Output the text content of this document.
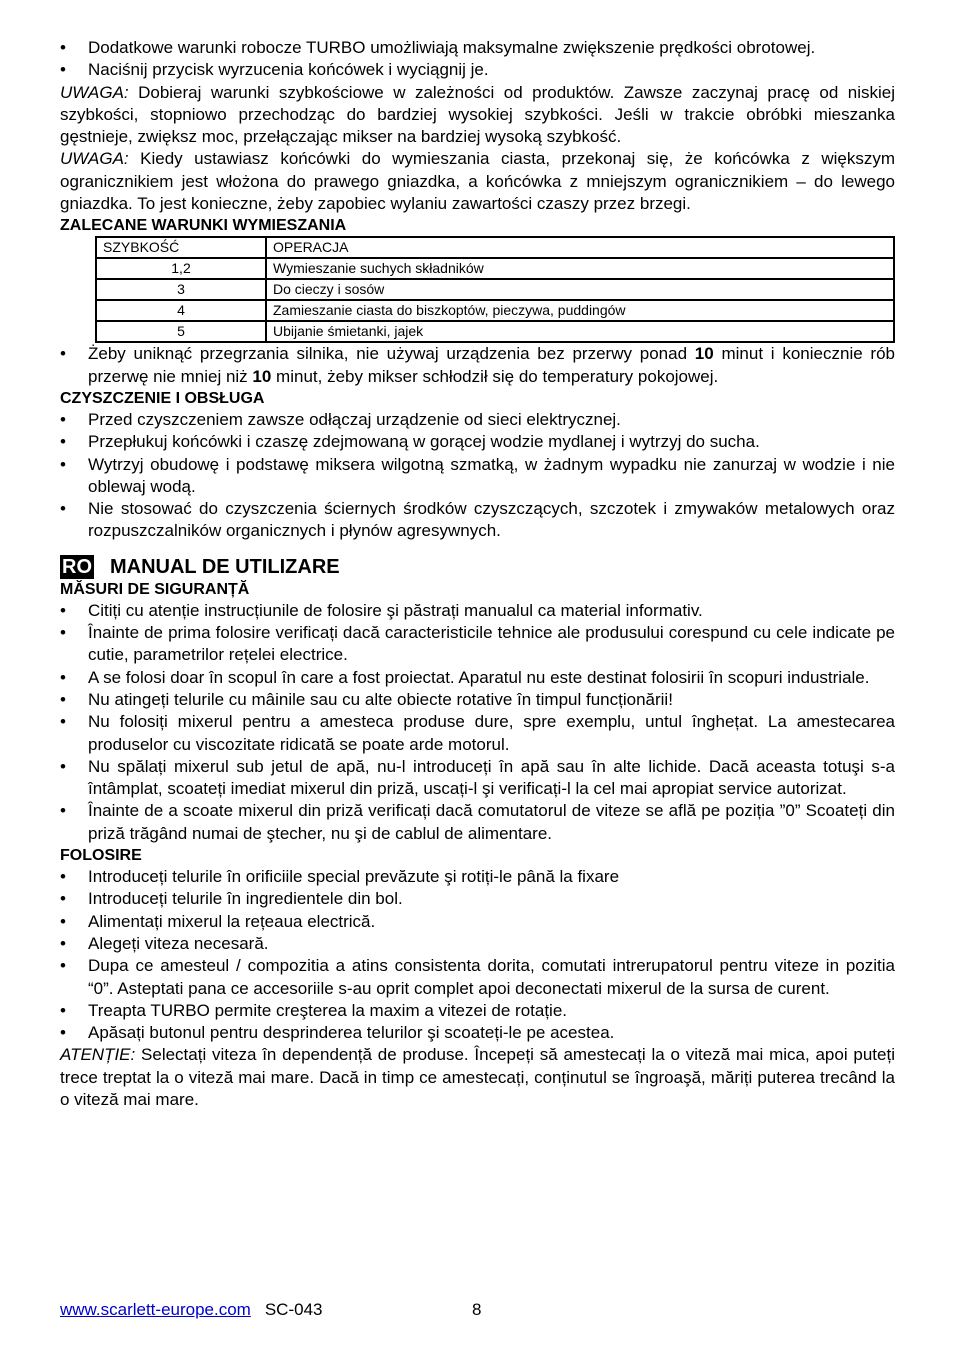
• Dodatkowe warunki robocze TURBO umożliwiają maksymalne zwiększenie prędkości obrotowej.
• Naciśnij przycisk wyrzucenia końcówek i wyciągnij je.

UWAGA: Dobieraj warunki szybkościowe w zależności od produktów. Zawsze zaczynaj pracę od niskiej szybkości, stopniowo przechodząc do bardziej wysokiej szybkości. Jeśli w trakcie obróbki mieszanka gęstnieje, zwiększ moc, przełączając mikser na bardziej wysoką szybkość.

UWAGA: Kiedy ustawiasz końcówki do wymieszania ciasta, przekonaj się, że końcówka z większym ogranicznikiem jest włożona do prawego gniazdka, a końcówka z mniejszym ogranicznikiem – do lewego gniazdka. To jest konieczne, żeby zapobiec wylaniu zawartości czaszy przez brzegi.

ZALECANE WARUNKI WYMIESZANIA
SZYBKOŚĆ	OPERACJA
1,2	Wymieszanie suchych składników
3	Do cieczy i sosów
4	Zamieszanie ciasta do biszkoptów, pieczywa, puddingów
5	Ubijanie śmietanki, jajek
• Żeby uniknąć przegrzania silnika, nie używaj urządzenia bez przerwy ponad 10 minut i koniecznie rób przerwę nie mniej niż 10 minut, żeby mikser schłodził się do temperatury pokojowej.
CZYSZCZENIE I OBSŁUGA
• Przed czyszczeniem zawsze odłączaj urządzenie od sieci elektrycznej.
• Przepłukuj końcówki i czaszę zdejmowaną w gorącej wodzie mydlanej i wytrzyj do sucha.
• Wytrzyj obudowę i podstawę miksera wilgotną szmatką, w żadnym wypadku nie zanurzaj w wodzie i nie oblewaj wodą.
• Nie stosować do czyszczenia ściernych środków czyszczących, szczotek i zmywaków metalowych oraz rozpuszczalników organicznych i płynów agresywnych.
RO MANUAL DE UTILIZARE
MĂSURI DE SIGURANȚĂ
• Citiți cu atenție instrucțiunile de folosire şi păstrați manualul ca material informativ.
• Înainte de prima folosire verificați dacă caracteristicile tehnice ale produsului corespund cu cele indicate pe cutie, parametrilor rețelei electrice.
• A se folosi doar în scopul în care a fost proiectat. Aparatul nu este destinat folosirii în scopuri industriale.
• Nu atingeți telurile cu mâinile sau cu alte obiecte rotative în timpul funcționării!
• Nu folosiți mixerul pentru a amesteca produse dure, spre exemplu, untul înghețat. La amestecarea produselor cu viscozitate ridicată se poate arde motorul.
• Nu spălați mixerul sub jetul de apă, nu-l introduceți în apă sau în alte lichide. Dacă aceasta totuşi s-a întâmplat, scoateți imediat mixerul din priză, uscați-l şi verificați-l la cel mai apropiat service autorizat.
• Înainte de a scoate mixerul din priză verificați dacă comutatorul de viteze se află pe poziția ”0” Scoateți din priză trăgând numai de ştecher, nu şi de cablul de alimentare.
FOLOSIRE
• Introduceți telurile în orificiile special prevăzute şi rotiți-le până la fixare
• Introduceți telurile în ingredientele din bol.
• Alimentați mixerul la rețeaua electrică.
• Alegeți viteza necesară.
• Dupa ce amesteul / compozitia a atins consistenta dorita, comutati intrerupatorul pentru viteze in pozitia “0”. Asteptati pana ce accesoriile s-au oprit complet apoi deconectati mixerul de la sursa de curent.
• Treapta TURBO permite creşterea la maxim a vitezei de rotație.
• Apăsați butonul pentru desprinderea telurilor şi scoateți-le pe acestea.

ATENȚIE: Selectați viteza în dependență de produse. Începeți să amestecați la o viteză mai mica, apoi puteți trece treptat la o viteză mai mare. Dacă in timp ce amestecați, conținutul se îngroaşă, măriți puterea trecând la o viteză mai mare.

www.scarlett-europe.com SC-043	8
